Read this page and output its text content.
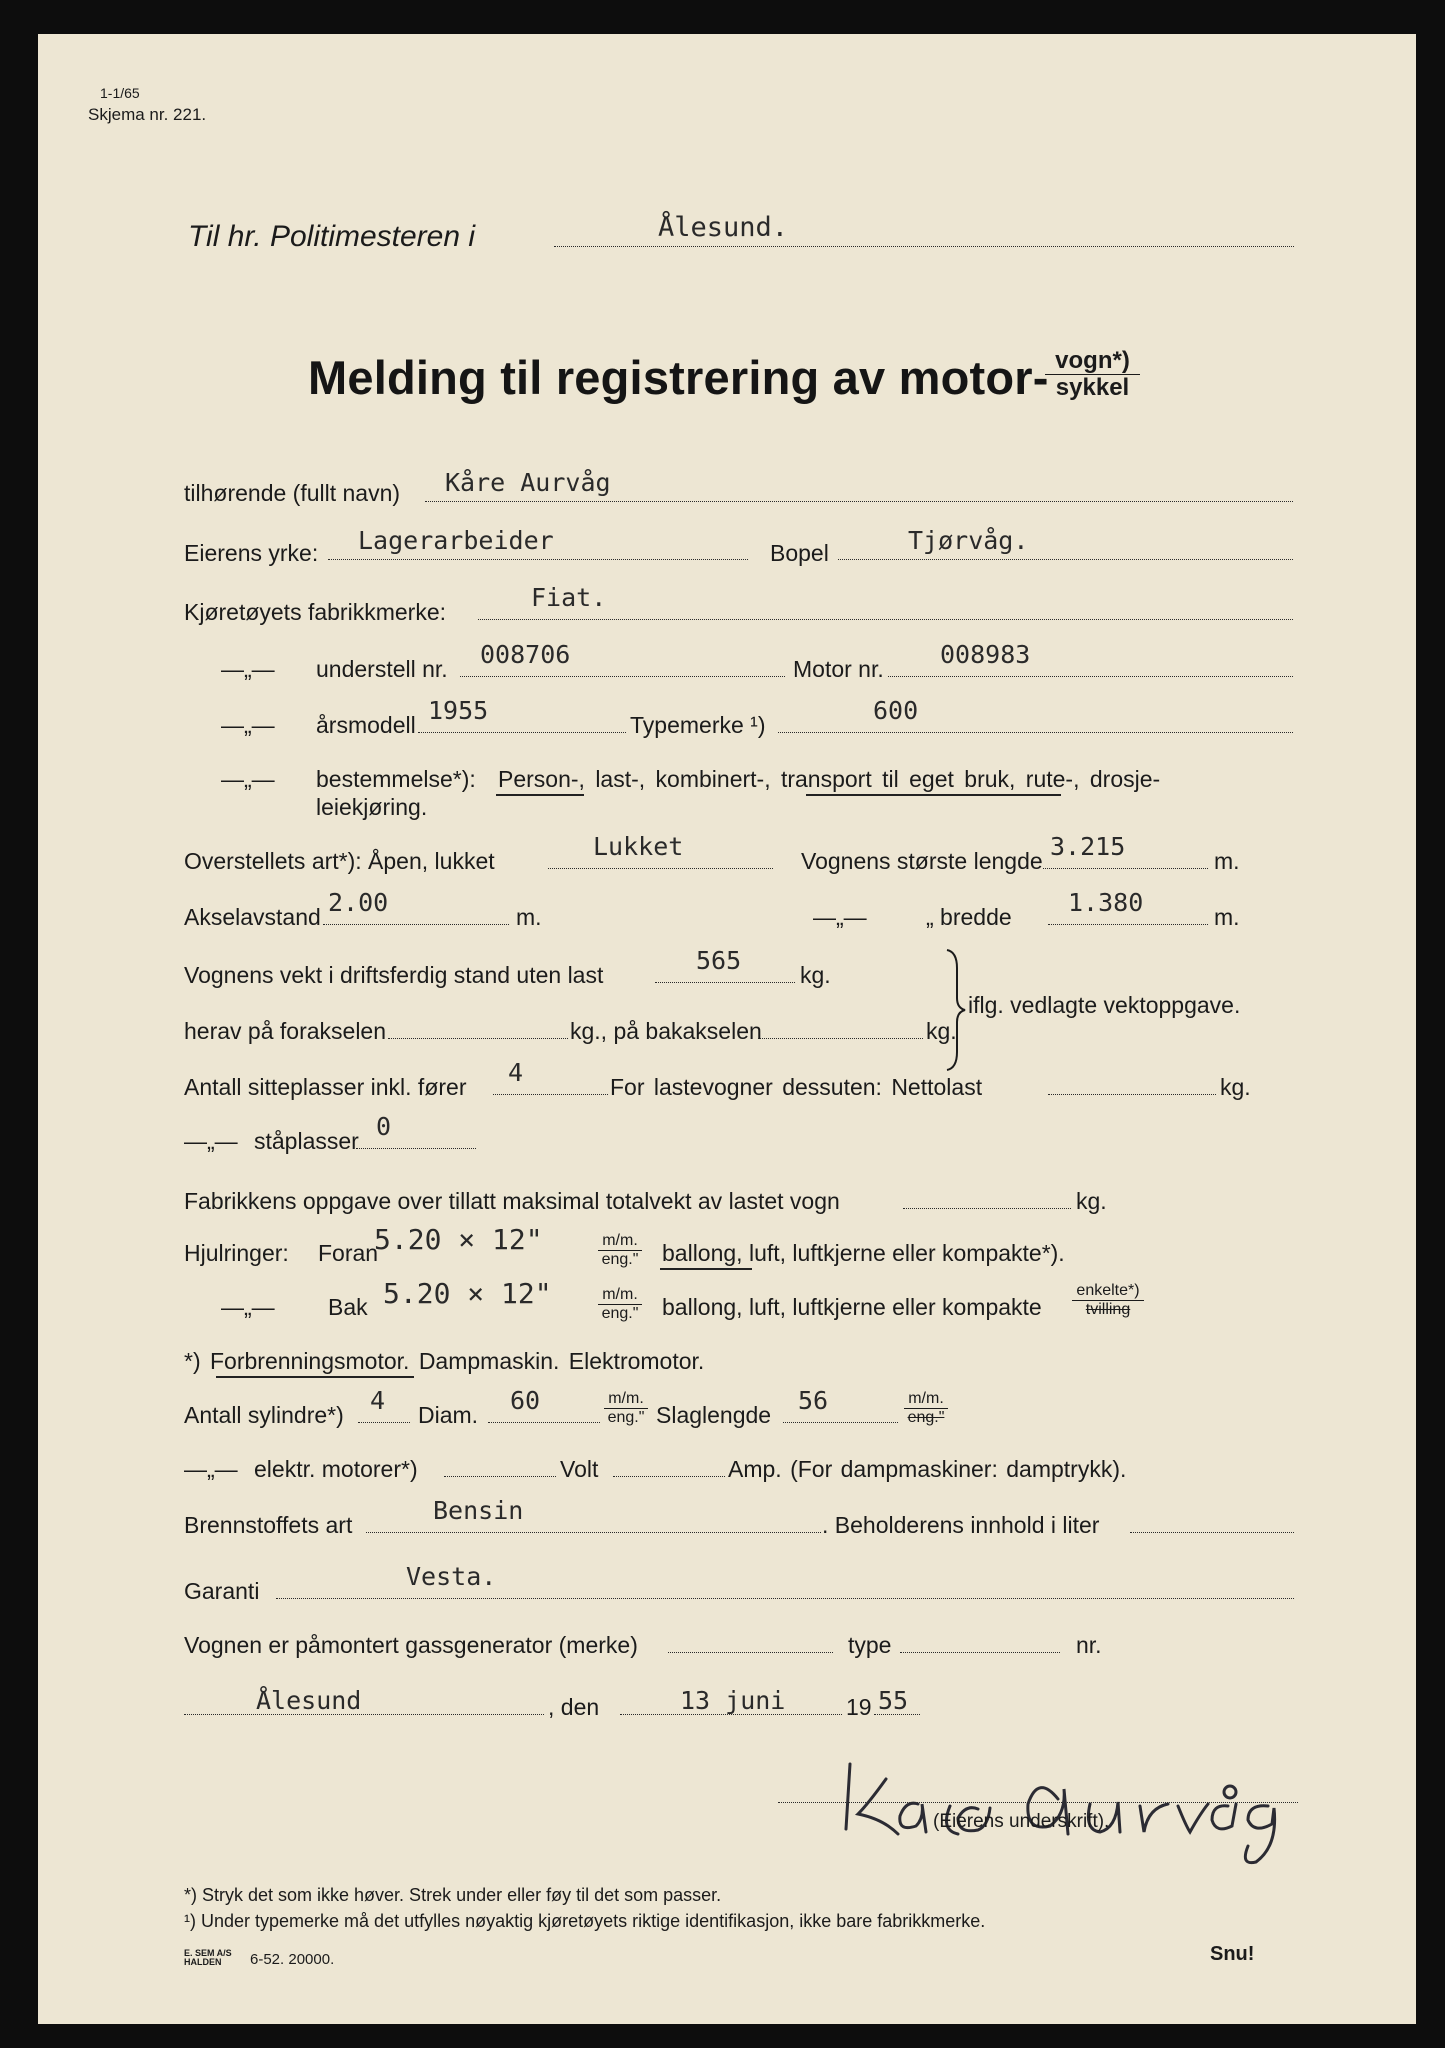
1-1/65
Skjema nr. 221.
Til hr. Politimesteren i	Ålesund.
Melding til registrering av motor- vogn*)
sykkel
tilhørende (fullt navn) Kåre Aurvåg
Eierens yrke: Lagerarbeider	Bopel	Tjørvåg.
Kjøretøyets fabrikkmerke:	Fiat.
—„— understell nr. 008706	Motor nr. 008983
—„— årsmodell 1955	Typemerke ¹)	600
—„— bestemmelse*): Person-, last-, kombinert-, transport til eget bruk, rute-, drosje-
leiekjøring.
Overstellets art*): Åpen, lukket	Lukket	Vognens største lengde 3.215	m.
Akselavstand 2.00	m.	—„—	„ bredde 1.380	m.
Vognens vekt i driftsferdig stand uten last	565	kg.
herav på forakselen	kg., på bakakselen	kg.
iflg. vedlagte vektoppgave.
Antall sitteplasser inkl. fører 4	For lastevogner dessuten: Nettolast	kg.
—„— ståplasser 0
Fabrikkens oppgave over tillatt maksimal totalvekt av lastet vogn	kg.
Hjulringer: Foran
5.20 × 12"	m/m.
eng." ballong, luft, luftkjerne eller kompakte*).
—„— Bak 5.20 × 12"	m/m.
eng." ballong, luft, luftkjerne eller kompakte
enkelte*)
tvilling
*) Forbrenningsmotor. Dampmaskin. Elektromotor.
Antall sylindre*) 4 Diam. 60	m/m.
eng." Slaglengde 56	m/m.
eng."
—„— elektr. motorer*)	Volt	Amp. (For dampmaskiner: damptrykk).
Brennstoffets art	Bensin	. Beholderens innhold i liter
Garanti	Vesta.
Vognen er påmontert gassgenerator (merke)	type	nr.
Ålesund	, den	13 juni	19 55
(Eierens underskrift).
*) Stryk det som ikke høver. Strek under eller føy til det som passer.
¹) Under typemerke må det utfylles nøyaktig kjøretøyets riktige identifikasjon, ikke bare fabrikkmerke.
E. SEM A/S
HALDEN	6-52. 20000.	Snu!
